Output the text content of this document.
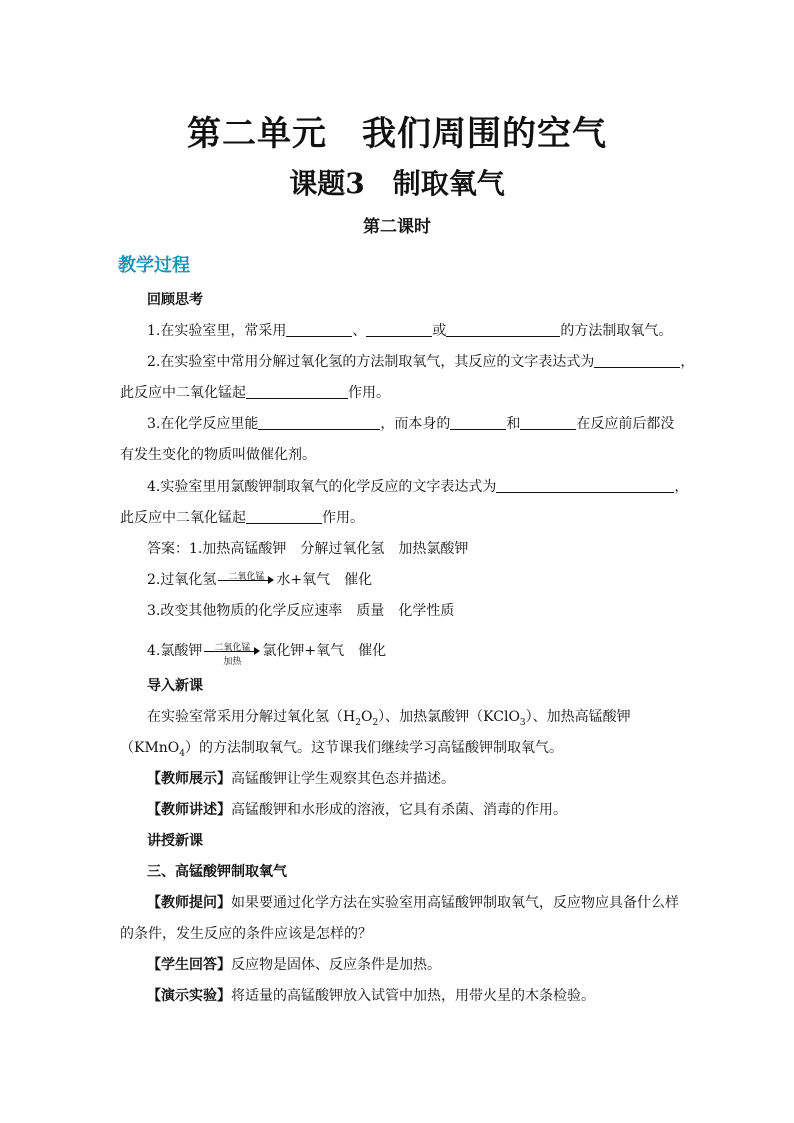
第二单元　我们周围的空气
课题3　制取氧气
第二课时
教学过程
回顾思考
1.在实验室里，常采用	、	或	的方法制取氧气。
2.在实验室中常用分解过氧化氢的方法制取氧气，其反应的文字表达式为	，
此反应中二氧化锰起	作用。
3.在化学反应里能	，而本身的	和	在反应前后都没
有发生变化的物质叫做催化剂。
4.实验室里用氯酸钾制取氧气的化学反应的文字表达式为	，
此反应中二氧化锰起	作用。
答案：1.加热高锰酸钾　分解过氧化氢　加热氯酸钾
2.过氧化氢	二氧化锰 水+氧气　催化
3.改变其他物质的化学反应速率　质量　化学性质
4.氯酸钾	二氧化锰
加热
氯化钾+氧气　催化
导入新课
在实验室常采用分解过氧化氢$(H_2O_2)$、加热氯酸钾（KClO$_3$）、加热高锰酸钾
（KMnO$_4$）的方法制取氧气。这节课我们继续学习高锰酸钾制取氧气。
【教师展示】高锰酸钾让学生观察其色态并描述。
【教师讲述】高锰酸钾和水形成的溶液，它具有杀菌、消毒的作用。
讲授新课
三、高锰酸钾制取氧气
【教师提问】如果要通过化学方法在实验室用高锰酸钾制取氧气，反应物应具备什么样
的条件，发生反应的条件应该是怎样的？
【学生回答】反应物是固体、反应条件是加热。
【演示实验】将适量的高锰酸钾放入试管中加热，用带火星的木条检验。
